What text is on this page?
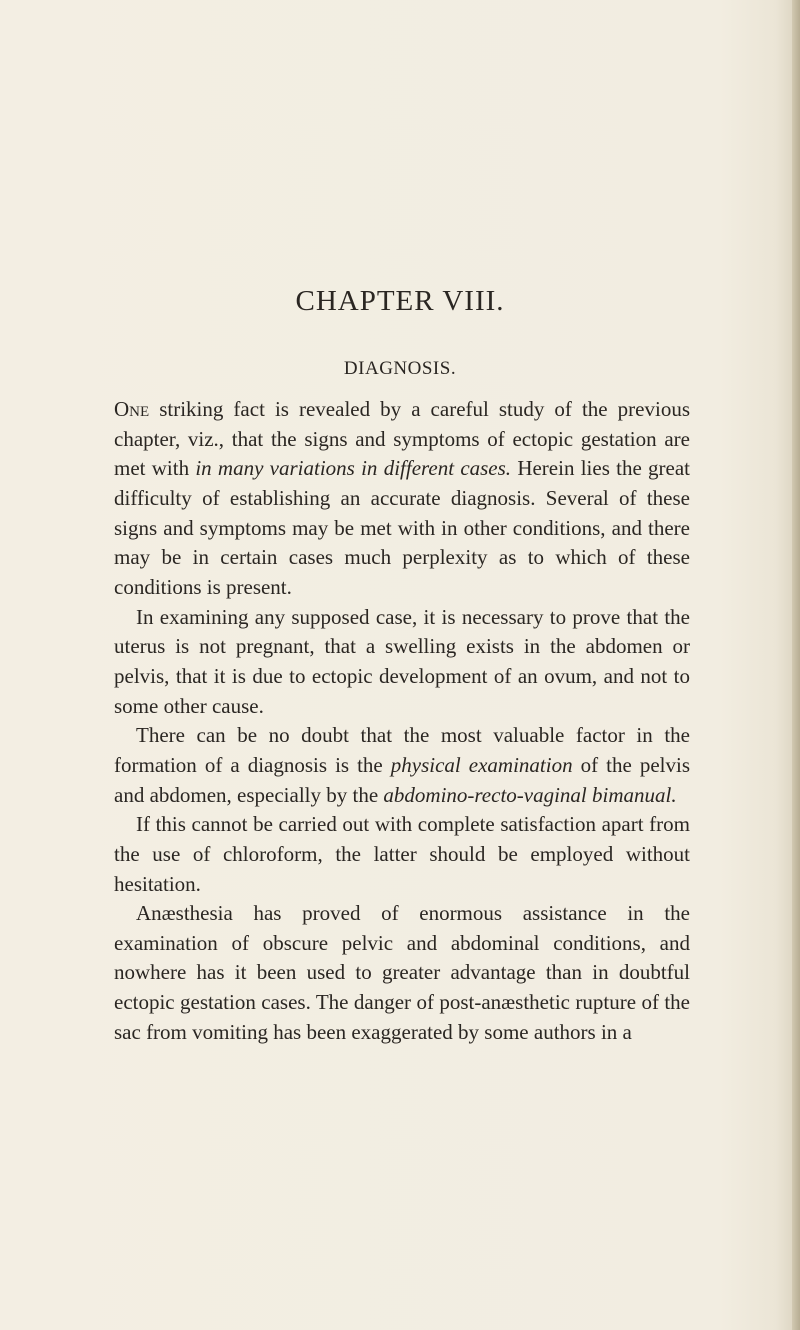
CHAPTER VIII.
DIAGNOSIS.

One striking fact is revealed by a careful study of the previous chapter, viz., that the signs and symptoms of ectopic gestation are met with in many variations in different cases. Herein lies the great difficulty of establishing an accurate diagnosis. Several of these signs and symptoms may be met with in other conditions, and there may be in certain cases much perplexity as to which of these conditions is present.

In examining any supposed case, it is necessary to prove that the uterus is not pregnant, that a swelling exists in the abdomen or pelvis, that it is due to ectopic development of an ovum, and not to some other cause.

There can be no doubt that the most valuable factor in the formation of a diagnosis is the physical examination of the pelvis and abdomen, especially by the abdomino-recto-vaginal bimanual.

If this cannot be carried out with complete satisfaction apart from the use of chloroform, the latter should be employed without hesitation.

Anæsthesia has proved of enormous assistance in the examination of obscure pelvic and abdominal conditions, and nowhere has it been used to greater advantage than in doubtful ectopic gestation cases. The danger of post-anæsthetic rupture of the sac from vomiting has been exaggerated by some authors in a
